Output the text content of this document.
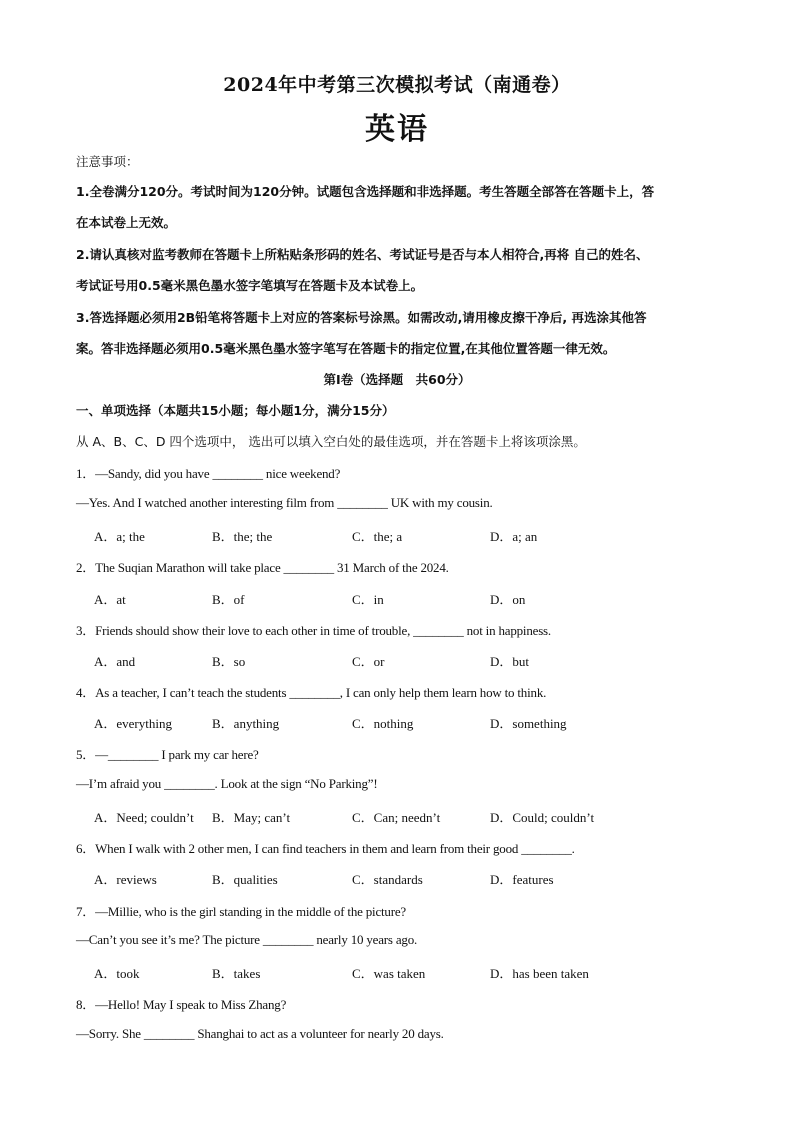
2024年中考第三次模拟考试（南通卷）
英语
注意事项：
1.全卷满分120分。考试时间为120分钟。试题包含选择题和非选择题。考生答题全部答在答题卡上，答
在本试卷上无效。
2.请认真核对监考教师在答题卡上所粘贴条形码的姓名、考试证号是否与本人相符合,再将 自己的姓名、
考试证号用0.5毫米黑色墨水签字笔填写在答题卡及本试卷上。
3.答选择题必须用2B铅笔将答题卡上对应的答案标号涂黑。如需改动,请用橡皮擦干净后, 再选涂其他答
案。答非选择题必须用0.5毫米黑色墨水签字笔写在答题卡的指定位置,在其他位置答题一律无效。
第Ⅰ卷（选择题　共60分）
一、单项选择（本题共15小题；每小题1分，满分15分）
从 A、B、C、D 四个选项中， 选出可以填入空白处的最佳选项，并在答题卡上将该项涂黑。
1．—Sandy, did you have ________ nice weekend?
—Yes. And I watched another interesting film from ________ UK with my cousin.
A．a; the	B．the; the	C．the; a	D．a; an
2．The Suqian Marathon will take place ________ 31 March of the 2024.
A．at	B．of	C．in	D．on
3．Friends should show their love to each other in time of trouble, ________ not in happiness.
A．and	B．so	C．or	D．but
4．As a teacher, I can’t teach the students ________, I can only help them learn how to think.
A．everything	B．anything	C．nothing	D．something
5．—________ I park my car here?
—I’m afraid you ________. Look at the sign “No Parking”!
A．Need; couldn’t B．May; can’t	C．Can; needn’t	D．Could; couldn’t
6．When I walk with 2 other men, I can find teachers in them and learn from their good ________.
A．reviews	B．qualities	C．standards	D．features
7．—Millie, who is the girl standing in the middle of the picture?
—Can’t you see it’s me? The picture ________ nearly 10 years ago.
A．took	B．takes	C．was taken	D．has been taken
8．—Hello! May I speak to Miss Zhang?
—Sorry. She ________ Shanghai to act as a volunteer for nearly 20 days.
